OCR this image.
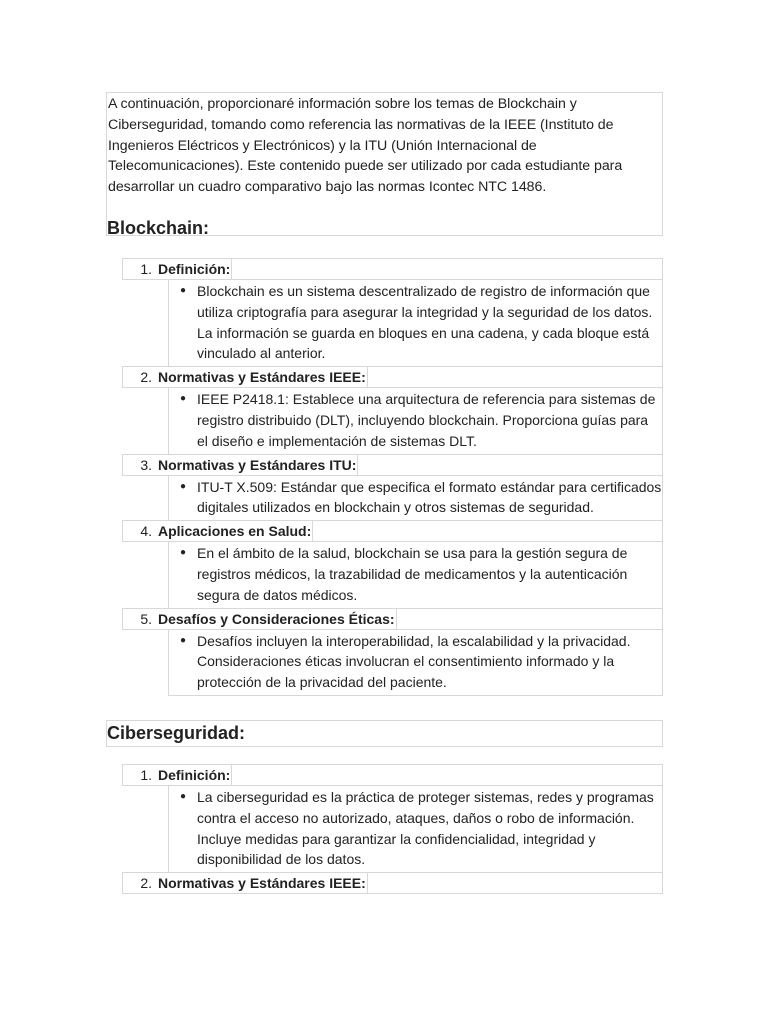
A continuación, proporcionaré información sobre los temas de Blockchain y Ciberseguridad, tomando como referencia las normativas de la IEEE (Instituto de Ingenieros Eléctricos y Electrónicos) y la ITU (Unión Internacional de Telecomunicaciones). Este contenido puede ser utilizado por cada estudiante para desarrollar un cuadro comparativo bajo las normas Icontec NTC 1486.

Blockchain:
1. Definición:
● Blockchain es un sistema descentralizado de registro de información que utiliza criptografía para asegurar la integridad y la seguridad de los datos. La información se guarda en bloques en una cadena, y cada bloque está vinculado al anterior.
2. Normativas y Estándares IEEE:
● IEEE P2418.1: Establece una arquitectura de referencia para sistemas de registro distribuido (DLT), incluyendo blockchain. Proporciona guías para el diseño e implementación de sistemas DLT.
3. Normativas y Estándares ITU:
● ITU-T X.509: Estándar que especifica el formato estándar para certificados digitales utilizados en blockchain y otros sistemas de seguridad.
4. Aplicaciones en Salud:
● En el ámbito de la salud, blockchain se usa para la gestión segura de registros médicos, la trazabilidad de medicamentos y la autenticación segura de datos médicos.
5. Desafíos y Consideraciones Éticas:
● Desafíos incluyen la interoperabilidad, la escalabilidad y la privacidad. Consideraciones éticas involucran el consentimiento informado y la protección de la privacidad del paciente.
Ciberseguridad:
1. Definición:
● La ciberseguridad es la práctica de proteger sistemas, redes y programas contra el acceso no autorizado, ataques, daños o robo de información. Incluye medidas para garantizar la confidencialidad, integridad y disponibilidad de los datos.
2. Normativas y Estándares IEEE:
